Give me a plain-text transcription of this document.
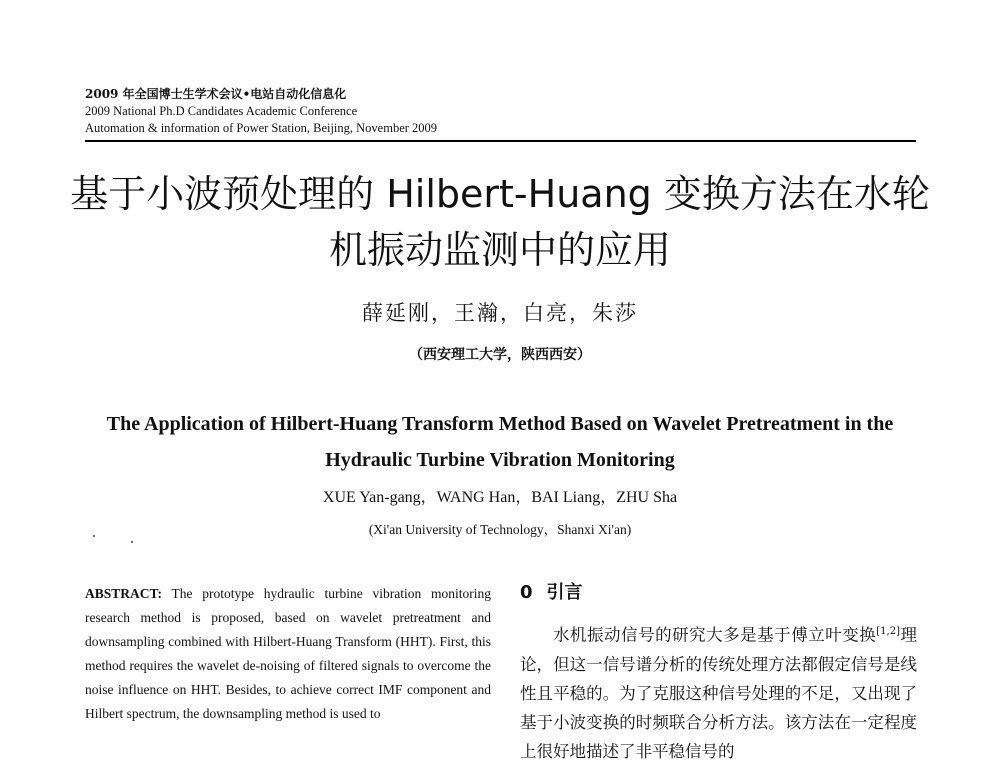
2009 年全国博士生学术会议•电站自动化信息化
2009 National Ph.D Candidates Academic Conference
Automation & information of Power Station, Beijing, November 2009
基于小波预处理的 Hilbert-Huang 变换方法在水轮
机振动监测中的应用
薛延刚，王瀚，白亮，朱莎
（西安理工大学，陕西西安）
The Application of Hilbert-Huang Transform Method Based on Wavelet Pretreatment in the
Hydraulic Turbine Vibration Monitoring
XUE Yan-gang，WANG Han，BAI Liang，ZHU Sha
(Xi'an University of Technology，Shanxi Xi'an)
ABSTRACT: The prototype hydraulic turbine vibration monitoring research method is proposed, based on wavelet pretreatment and downsampling combined with Hilbert-Huang Transform (HHT). First, this method requires the wavelet de-noising of filtered signals to overcome the noise influence on HHT. Besides, to achieve correct IMF component and Hilbert spectrum, the downsampling method is used to
0 引言
水机振动信号的研究大多是基于傅立叶变换[1,2]理论，但这一信号谱分析的传统处理方法都假定信号是线性且平稳的。为了克服这种信号处理的不足，又出现了基于小波变换的时频联合分析方法。该方法在一定程度上很好地描述了非平稳信号的
